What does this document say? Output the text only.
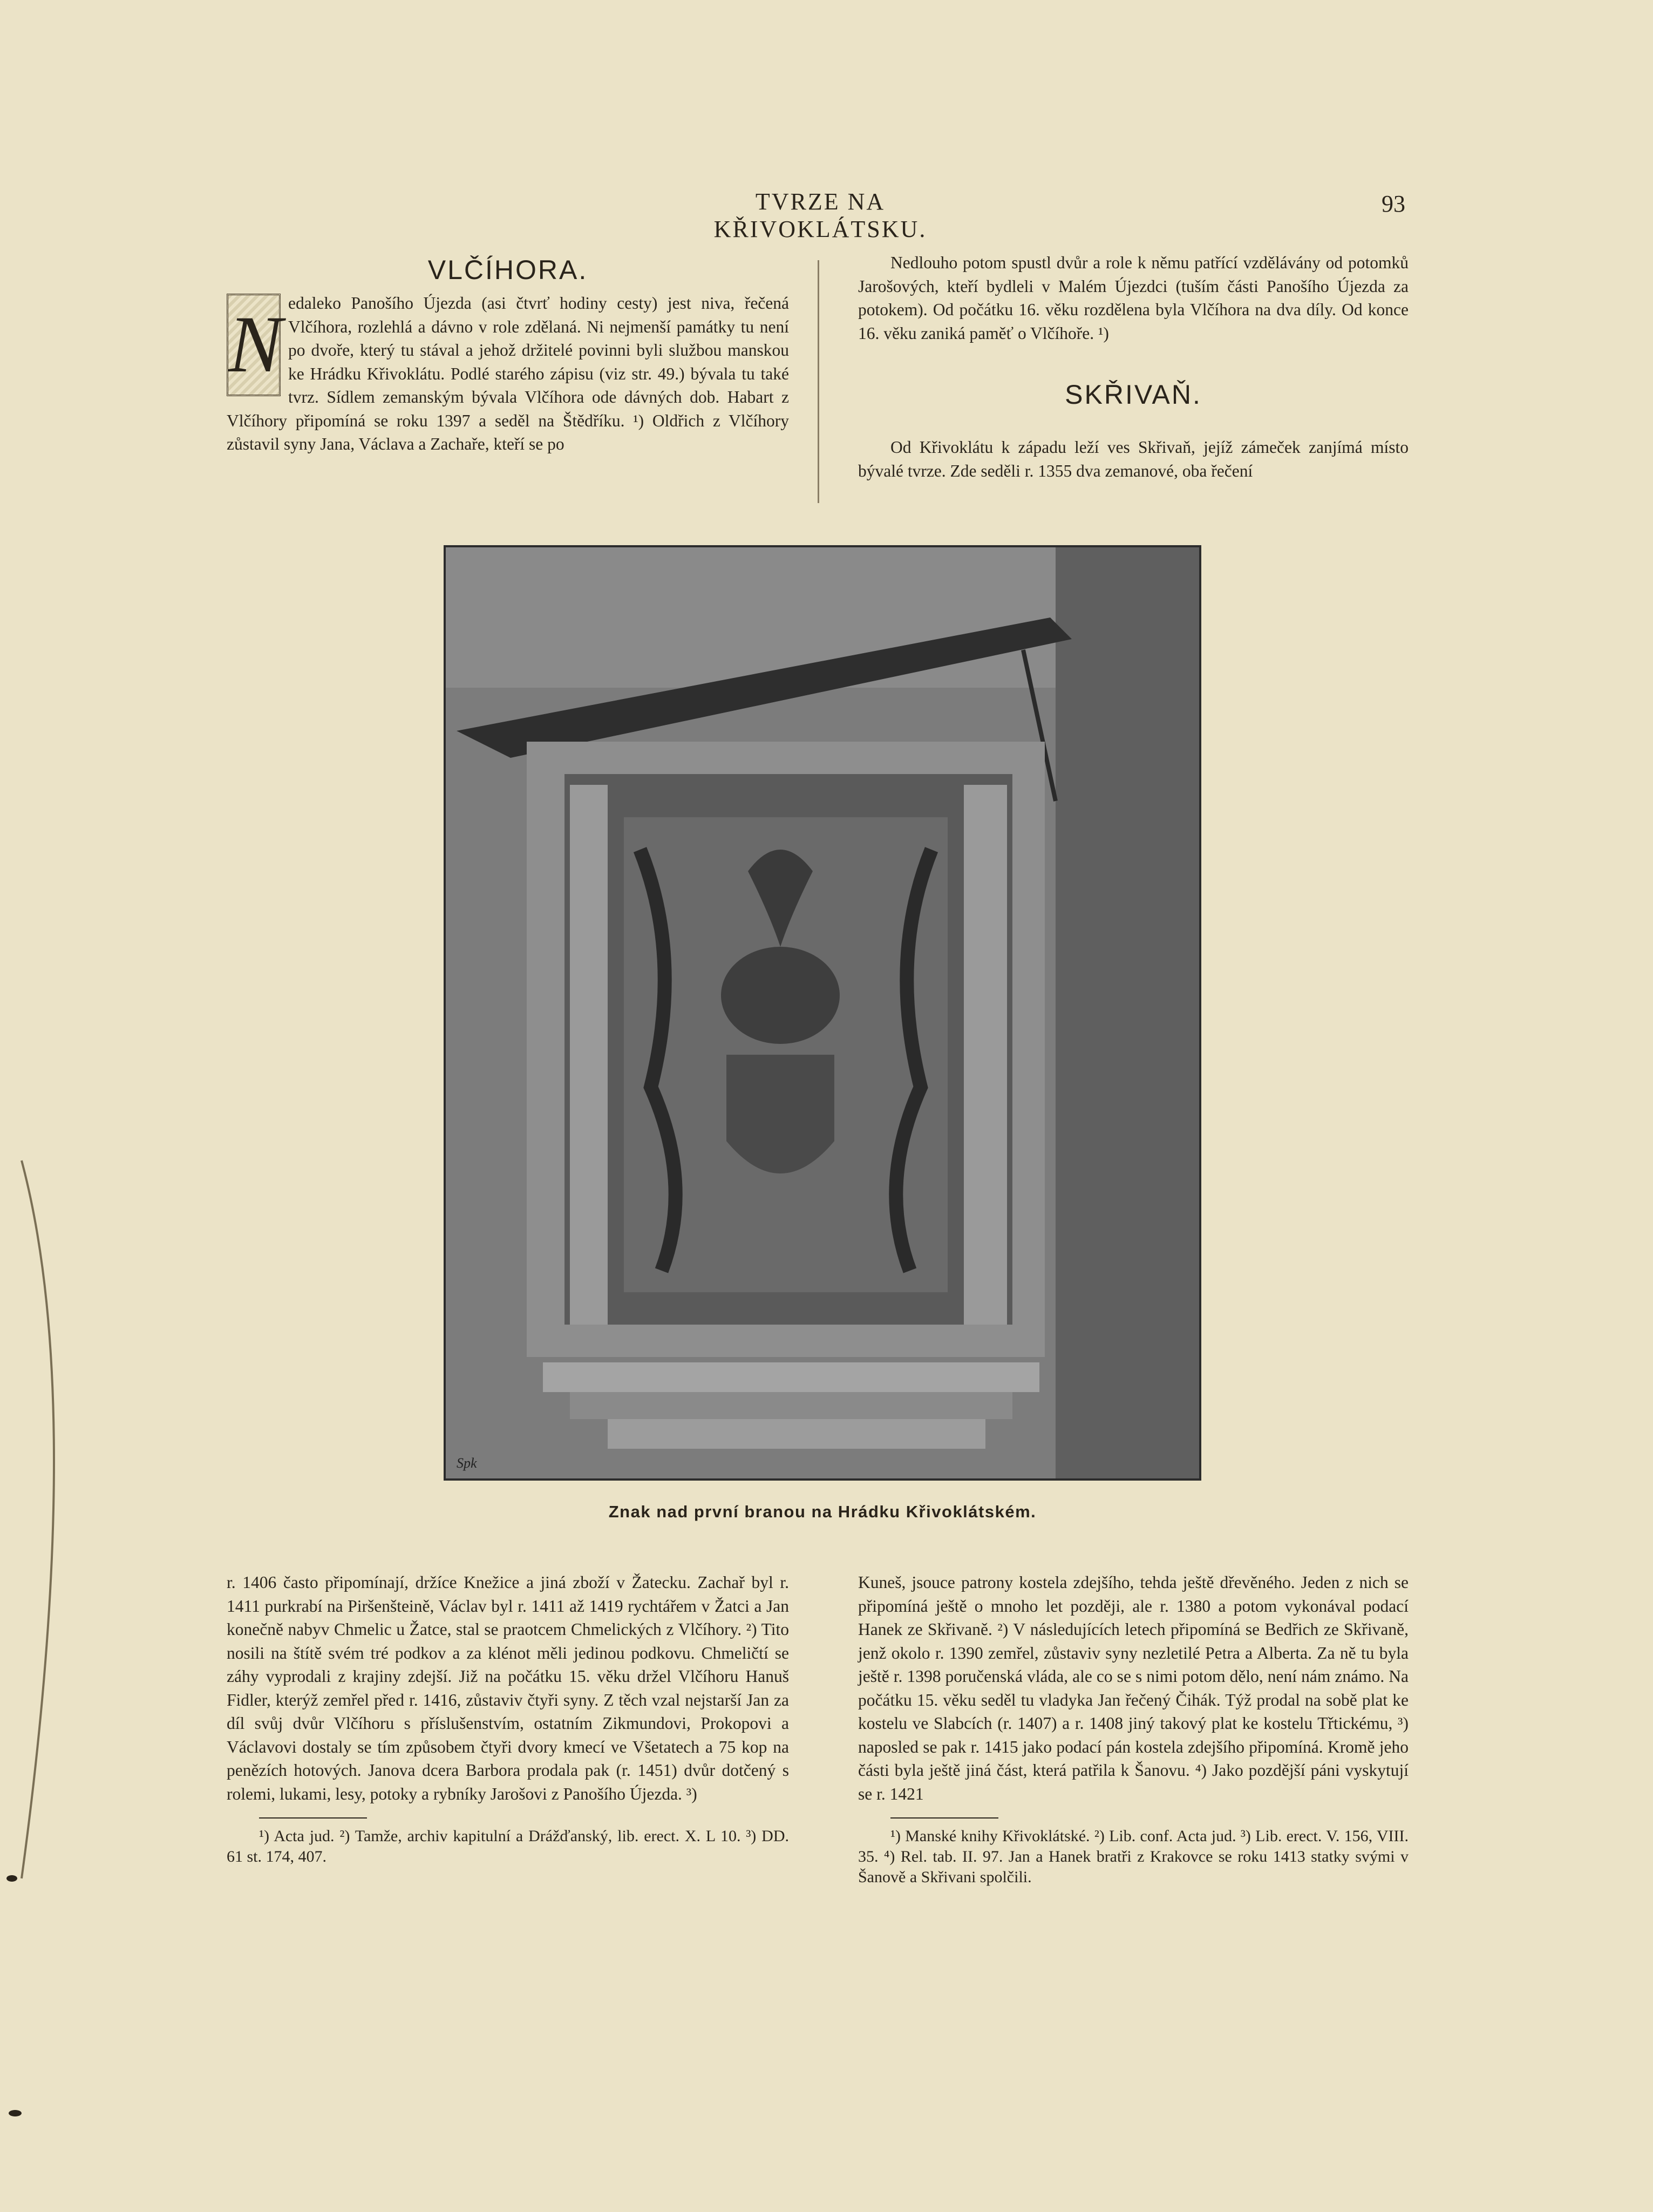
TVRZE NA KŘIVOKLÁTSKU.
93
VLČÍHORA.
N edaleko Panošího Újezda (asi čtvrť hodiny cesty) jest niva, řečená Vlčíhora, rozlehlá a dávno v role zdělaná. Ni nejmenší památky tu není po dvoře, který tu stával a jehož držitelé povinni byli službou manskou ke Hrádku Křivoklátu. Podlé starého zápisu (viz str. 49.) bývala tu také tvrz. Sídlem zemanským bývala Vlčíhora ode dávných dob. Habart z Vlčíhory připomíná se roku 1397 a seděl na Štědříku. ¹) Oldřich z Vlčíhory zůstavil syny Jana, Václava a Zachaře, kteří se po

Nedlouho potom spustl dvůr a role k němu patřící vzdělávány od potomků Jarošových, kteří bydleli v Malém Újezdci (tuším části Panošího Újezda za potokem). Od počátku 16. věku rozdělena byla Vlčíhora na dva díly. Od konce 16. věku zaniká paměť o Vlčíhoře. ¹)

SKŘIVAŇ.

Od Křivoklátu k západu leží ves Skřivaň, jejíž zámeček zanjímá místo bývalé tvrze. Zde seděli r. 1355 dva zemanové, oba řečení

Spk
Znak nad první branou na Hrádku Křivoklátském.

r. 1406 často připomínají, držíce Knežice a jiná zboží v Žatecku. Zachař byl r. 1411 purkrabí na Piršenšteině, Václav byl r. 1411 až 1419 rychtářem v Žatci a Jan konečně nabyv Chmelic u Žatce, stal se praotcem Chmelických z Vlčíhory. ²) Tito nosili na štítě svém tré podkov a za klénot měli jedinou podkovu. Chmeličtí se záhy vyprodali z krajiny zdejší. Již na počátku 15. věku držel Vlčíhoru Hanuš Fidler, kterýž zemřel před r. 1416, zůstaviv čtyři syny. Z těch vzal nejstarší Jan za díl svůj dvůr Vlčíhoru s příslušenstvím, ostatním Zikmundovi, Prokopovi a Václavovi dostaly se tím způsobem čtyři dvory kmecí ve Všetatech a 75 kop na penězích hotových. Janova dcera Barbora prodala pak (r. 1451) dvůr dotčený s rolemi, lukami, lesy, potoky a rybníky Jarošovi z Panošího Újezda. ³)

¹) Acta jud. ²) Tamže, archiv kapitulní a Drážďanský, lib. erect. X. L 10. ³) DD. 61 st. 174, 407.

Kuneš, jsouce patrony kostela zdejšího, tehda ještě dřevěného. Jeden z nich se připomíná ještě o mnoho let později, ale r. 1380 a potom vykonával podací Hanek ze Skřivaně. ²) V následujících letech připomíná se Bedřich ze Skřivaně, jenž okolo r. 1390 zemřel, zůstaviv syny nezletilé Petra a Alberta. Za ně tu byla ještě r. 1398 poručenská vláda, ale co se s nimi potom dělo, není nám známo. Na počátku 15. věku seděl tu vladyka Jan řečený Čihák. Týž prodal na sobě plat ke kostelu ve Slabcích (r. 1407) a r. 1408 jiný takový plat ke kostelu Třtickému, ³) naposled se pak r. 1415 jako podací pán kostela zdejšího připomíná. Kromě jeho části byla ještě jiná část, která patřila k Šanovu. ⁴) Jako pozdější páni vyskytují se r. 1421

¹) Manské knihy Křivoklátské. ²) Lib. conf. Acta jud. ³) Lib. erect. V. 156, VIII. 35. ⁴) Rel. tab. II. 97. Jan a Hanek bratři z Krakovce se roku 1413 statky svými v Šanově a Skřivani spolčili.
